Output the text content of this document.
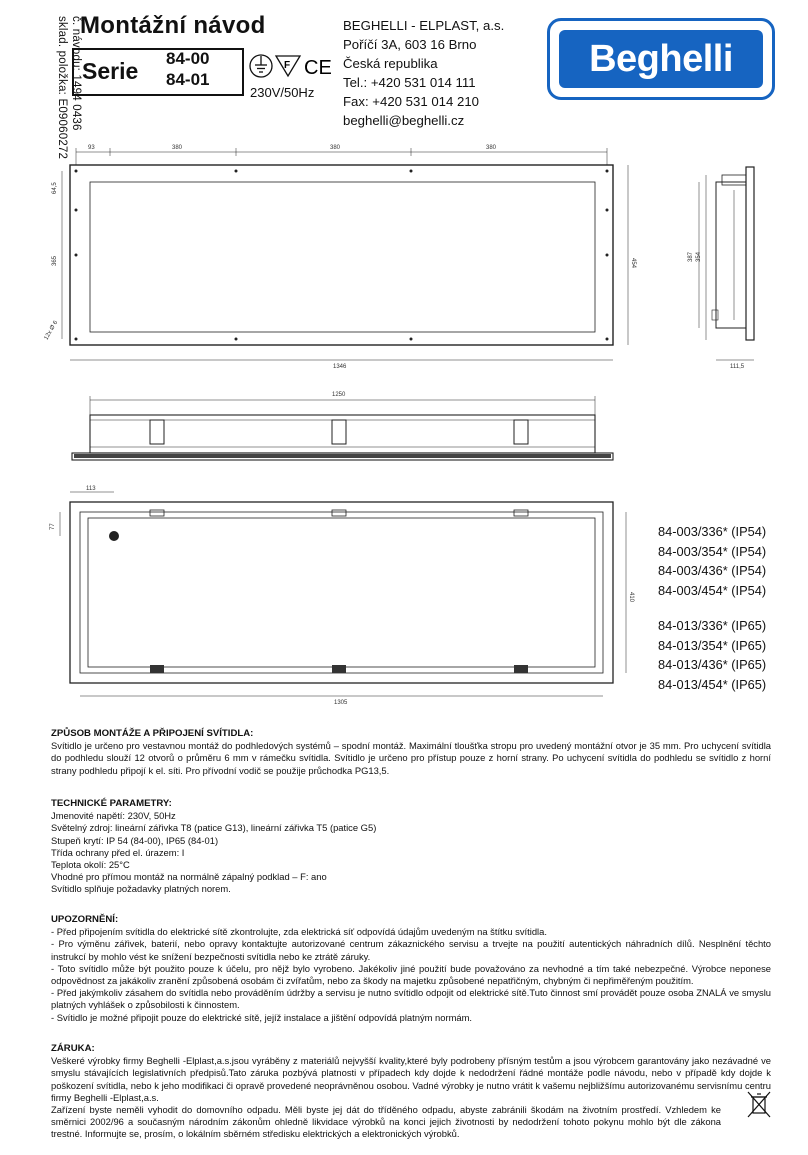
č. návodu: 1494 0436
sklad. položka: E09060272 Montážní návod
Serie 84-00
84-01
F CE
230V/50Hz
BEGHELLI - ELPLAST, a.s.
Poříčí 3A, 603 16 Brno
Česká republika
Tel.: +420 531 014 111
Fax: +420 531 014 210
beghelli@beghelli.cz
Beghelli
93	380	380	380
64,5
365
12x Ø 6
454
1346
387 354
111,5
1250
113
77
410
1305
84-003/336* (IP54)
84-003/354* (IP54)
84-003/436* (IP54)
84-003/454* (IP54)
84-013/336* (IP65)
84-013/354* (IP65)
84-013/436* (IP65)
84-013/454* (IP65)
ZPŮSOB MONTÁŽE A PŘIPOJENÍ SVÍTIDLA:

Svítidlo je určeno pro vestavnou montáž do podhledových systémů – spodní montáž. Maximální tloušťka stropu pro uvedený montážní otvor je 35 mm. Pro uchycení svítidla do podhledu slouží 12 otvorů o průměru 6 mm v rámečku svítidla. Svítidlo je určeno pro přístup pouze z horní strany. Po uchycení svítidla do podhledu se svítidlo z horní strany podhledu připojí k el. síti. Pro přívodní vodič se použije průchodka PG13,5.

TECHNICKÉ PARAMETRY:

Jmenovité napětí: 230V, 50Hz

Světelný zdroj: lineární zářivka T8 (patice G13), lineární zářivka T5 (patice G5)

Stupeň krytí: IP 54 (84-00), IP65 (84-01)

Třída ochrany před el. úrazem: I

Teplota okolí: 25°C

Vhodné pro přímou montáž na normálně zápalný podklad – F: ano

Svítidlo splňuje požadavky platných norem.

UPOZORNĚNÍ:

- Před připojením svítidla do elektrické sítě zkontrolujte, zda elektrická síť odpovídá údajům uvedeným na štítku svítidla.

- Pro výměnu zářivek, baterií, nebo opravy kontaktujte autorizované centrum zákaznického servisu a trvejte na použití autentických náhradních dílů. Nesplnění těchto instrukcí by mohlo vést ke snížení bezpečnosti svítidla nebo ke ztrátě záruky.

- Toto svítidlo může být použito pouze k účelu, pro nějž bylo vyrobeno. Jakékoliv jiné použití bude považováno za nevhodné a tím také nebezpečné. Výrobce neponese odpovědnost za jakákoliv zranění způsobená osobám či zvířatům, nebo za škody na majetku způsobené nepatřičným, chybným či nepřiměřeným použitím.

- Před jakýmkoliv zásahem do svítidla nebo prováděním údržby a servisu je nutno svítidlo odpojit od elektrické sítě.Tuto činnost smí provádět pouze osoba ZNALÁ ve smyslu platných vyhlášek o způsobilosti k činnostem.

- Svítidlo je možné připojit pouze do elektrické sítě, jejíž instalace a jištění odpovídá platným normám.

ZÁRUKA:

Veškeré výrobky firmy Beghelli -Elplast,a.s.jsou vyráběny z materiálů nejvyšší kvality,které byly podrobeny přísným testům a jsou výrobcem garantovány jako nezávadné ve smyslu stávajících legislativních předpisů.Tato záruka pozbývá platnosti v případech kdy dojde k nedodržení řádné montáže podle návodu, nebo v případě kdy dojde k poškození svítidla, nebo k jeho modifikaci či opravě provedené neoprávněnou osobou. Vadné výrobky je nutno vrátit k vašemu nejbližšímu autorizovanému servisnímu centru firmy Beghelli -Elplast,a.s.

Zařízení byste neměli vyhodit do domovního odpadu. Měli byste jej dát do tříděného odpadu, abyste zabránili škodám na životním prostředí. Vzhledem ke směrnici 2002/96 a současným národním zákonům ohledně likvidace výrobků na konci jejich životnosti by nedodržení tohoto pokynu mohlo být dle zákona trestné. Informujte se, prosím, o lokálním sběrném středisku elektrických a elektronických výrobků.
